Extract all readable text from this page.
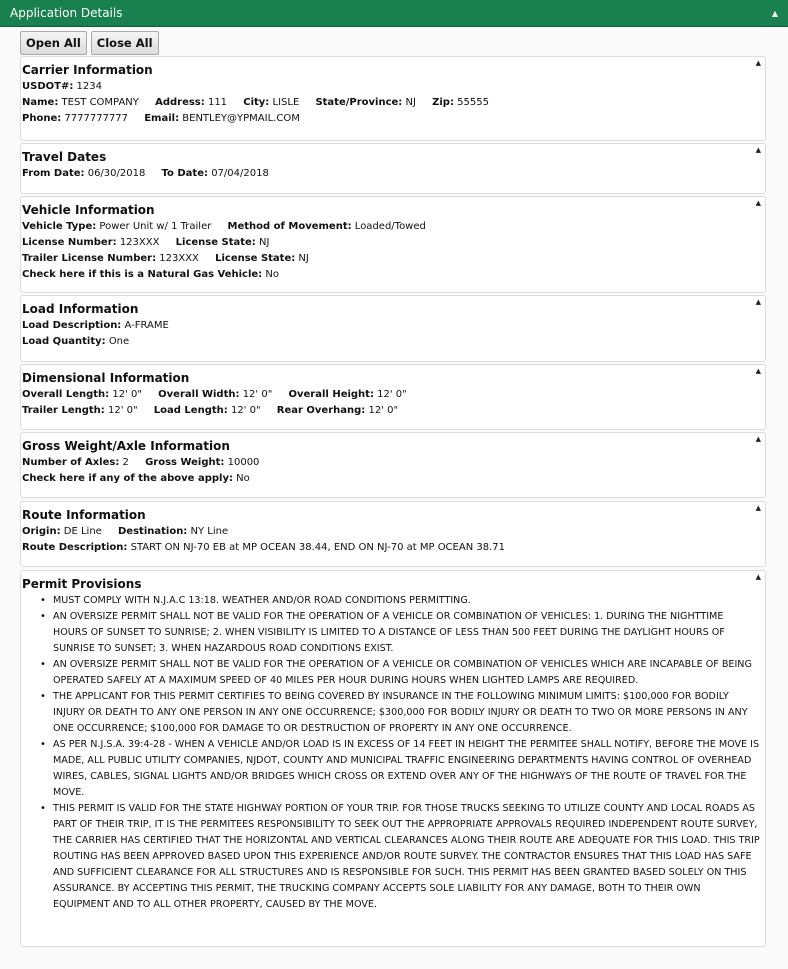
Application Details	▲
Open All	Close All
Carrier Information	▲
USDOT#: 1234
Name: TEST COMPANY Address: 111 City: LISLE State/Province: NJ Zip: 55555
Phone: 7777777777 Email: BENTLEY@YPMAIL.COM
Travel Dates	▲
From Date: 06/30/2018 To Date: 07/04/2018
Vehicle Information	▲
Vehicle Type: Power Unit w/ 1 Trailer Method of Movement: Loaded/Towed
License Number: 123XXX License State: NJ
Trailer License Number: 123XXX License State: NJ
Check here if this is a Natural Gas Vehicle: No
Load Information	▲
Load Description: A-FRAME
Load Quantity: One
Dimensional Information	▲
Overall Length: 12' 0" Overall Width: 12' 0" Overall Height: 12' 0"
Trailer Length: 12' 0" Load Length: 12' 0" Rear Overhang: 12' 0"
Gross Weight/Axle Information	▲
Number of Axles: 2 Gross Weight: 10000
Check here if any of the above apply: No
Route Information	▲
Origin: DE Line Destination: NY Line
Route Description: START ON NJ-70 EB at MP OCEAN 38.44, END ON NJ-70 at MP OCEAN 38.71
Permit Provisions	▲
• MUST COMPLY WITH N.J.A.C 13:18. WEATHER AND/OR ROAD CONDITIONS PERMITTING.
• AN OVERSIZE PERMIT SHALL NOT BE VALID FOR THE OPERATION OF A VEHICLE OR COMBINATION OF VEHICLES: 1. DURING THE NIGHTTIME HOURS OF SUNSET TO SUNRISE; 2. WHEN VISIBILITY IS LIMITED TO A DISTANCE OF LESS THAN 500 FEET DURING THE DAYLIGHT HOURS OF SUNRISE TO SUNSET; 3. WHEN HAZARDOUS ROAD CONDITIONS EXIST.
• AN OVERSIZE PERMIT SHALL NOT BE VALID FOR THE OPERATION OF A VEHICLE OR COMBINATION OF VEHICLES WHICH ARE INCAPABLE OF BEING OPERATED SAFELY AT A MAXIMUM SPEED OF 40 MILES PER HOUR DURING HOURS WHEN LIGHTED LAMPS ARE REQUIRED.
• THE APPLICANT FOR THIS PERMIT CERTIFIES TO BEING COVERED BY INSURANCE IN THE FOLLOWING MINIMUM LIMITS: $100,000 FOR BODILY INJURY OR DEATH TO ANY ONE PERSON IN ANY ONE OCCURRENCE; $300,000 FOR BODILY INJURY OR DEATH TO TWO OR MORE PERSONS IN ANY ONE OCCURRENCE; $100,000 FOR DAMAGE TO OR DESTRUCTION OF PROPERTY IN ANY ONE OCCURRENCE.
• AS PER N.J.S.A. 39:4-28 - WHEN A VEHICLE AND/OR LOAD IS IN EXCESS OF 14 FEET IN HEIGHT THE PERMITEE SHALL NOTIFY, BEFORE THE MOVE IS MADE, ALL PUBLIC UTILITY COMPANIES, NJDOT, COUNTY AND MUNICIPAL TRAFFIC ENGINEERING DEPARTMENTS HAVING CONTROL OF OVERHEAD WIRES, CABLES, SIGNAL LIGHTS AND/OR BRIDGES WHICH CROSS OR EXTEND OVER ANY OF THE HIGHWAYS OF THE ROUTE OF TRAVEL FOR THE MOVE.
• THIS PERMIT IS VALID FOR THE STATE HIGHWAY PORTION OF YOUR TRIP. FOR THOSE TRUCKS SEEKING TO UTILIZE COUNTY AND LOCAL ROADS AS PART OF THEIR TRIP, IT IS THE PERMITEES RESPONSIBILITY TO SEEK OUT THE APPROPRIATE APPROVALS REQUIRED INDEPENDENT ROUTE SURVEY, THE CARRIER HAS CERTIFIED THAT THE HORIZONTAL AND VERTICAL CLEARANCES ALONG THEIR ROUTE ARE ADEQUATE FOR THIS LOAD. THIS TRIP ROUTING HAS BEEN APPROVED BASED UPON THIS EXPERIENCE AND/OR ROUTE SURVEY. THE CONTRACTOR ENSURES THAT THIS LOAD HAS SAFE AND SUFFICIENT CLEARANCE FOR ALL STRUCTURES AND IS RESPONSIBLE FOR SUCH. THIS PERMIT HAS BEEN GRANTED BASED SOLELY ON THIS ASSURANCE. BY ACCEPTING THIS PERMIT, THE TRUCKING COMPANY ACCEPTS SOLE LIABILITY FOR ANY DAMAGE, BOTH TO THEIR OWN EQUIPMENT AND TO ALL OTHER PROPERTY, CAUSED BY THE MOVE.
